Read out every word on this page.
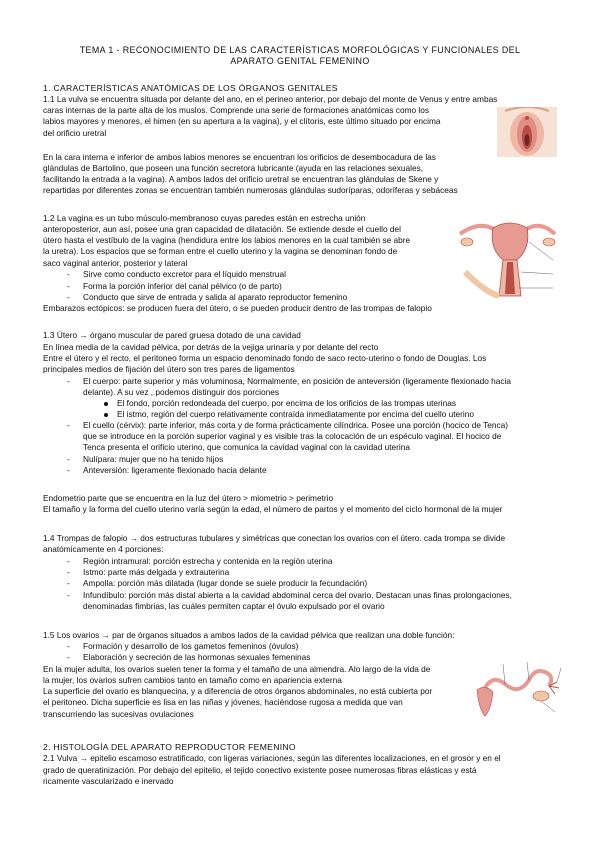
TEMA 1 - RECONOCIMIENTO DE LAS CARACTERÍSTICAS MORFOLÓGICAS Y FUNCIONALES DEL
APARATO GENITAL FEMENINO
1. CARACTERÍSTICAS ANATÓMICAS DE LOS ÓRGANOS GENITALES
1.1 La vulva se encuentra situada por delante del ano, en el perineo anterior, por debajo del monte de Venus y entre ambas
caras internas de la parte alta de los muslos. Comprende una serie de formaciones anatómicas como los
labios mayores y menores, el himen (en su apertura a la vagina), y el clítoris, este último situado por encima
del orificio uretral
En la cara interna e inferior de ambos labios menores se encuentran los orificios de desembocadura de las
glándulas de Bartolino, que poseen una función secretora lubricante (ayuda en las relaciones sexuales,
facilitando la entrada a la vagina). A ambos lados del orificio uretral se encuentran las glándulas de Skene y
repartidas por diferentes zonas se encuentran también numerosas glándulas sudoríparas, odoríferas y sebáceas
1.2 La vagina es un tubo músculo-membranoso cuyas paredes están en estrecha unión
anteroposterior, aun así, posee una gran capacidad de dilatación. Se extiende desde el cuello del
útero hasta el vestíbulo de la vagina (hendidura entre los labios menores en la cual también se abre
la uretra). Los espacios que se forman entre el cuello uterino y la vagina se denominan fondo de
saco vaginal anterior, posterior y lateral
- Sirve como conducto excretor para el líquido menstrual
- Forma la porción inferior del canal pélvico (o de parto)
- Conducto que sirve de entrada y salida al aparato reproductor femenino
Embarazos ectópicos: se producen fuera del útero, o se pueden producir dentro de las trompas de falopio
1.3 Útero → órgano muscular de pared gruesa dotado de una cavidad
En línea media de la cavidad pélvica, por detrás de la vejiga urinaria y por delante del recto
Entre el útero y el recto, el peritoneo forma un espacio denominado fondo de saco recto-uterino o fondo de Douglas. Los
principales medios de fijación del útero son tres pares de ligamentos
- El cuerpo: parte superior y más voluminosa, Normalmente, en posición de anteversión (ligeramente flexionado hacia
delante). A su vez , podemos distinguir dos porciones
El fondo, porción redondeada del cuerpo, por encima de los orificios de las trompas uterinas
El istmo, región del cuerpo relativamente contraída inmediatamente por encima del cuello uterino
- El cuello (cérvix): parte inferior, más corta y de forma prácticamente cilíndrica. Posee una porción (hocico de Tenca)
que se introduce en la porción superior vaginal y es visible tras la colocación de un espéculo vaginal. El hocico de
Tenca presenta el orificio uterino, que comunica la cavidad vaginal con la cavidad uterina
- Nulípara: mujer que no ha tenido hijos
- Anteversión: ligeramente flexionado hacia delante
Endometrio parte que se encuentra en la luz del útero > miometrio > perimetrio
El tamaño y la forma del cuello uterino varía según la edad, el número de partos y el momento del ciclo hormonal de la mujer
1.4 Trompas de falopio → dos estructuras tubulares y simétricas que conectan los ovarios con el útero. cada trompa se divide
anatómicamente en 4 porciones:
- Región intramural: porción estrecha y contenida en la región uterina
- Istmo: parte más delgada y extrauterina
- Ampolla: porción más dilatada (lugar donde se suele producir la fecundación)
- Infundíbulo: porción más distal abierta a la cavidad abdominal cerca del ovario. Destacan unas finas prolongaciones,
denominadas fimbrias, las cuáles permiten captar el óvulo expulsado por el ovario
1.5 Los ovarios → par de órganos situados a ambos lados de la cavidad pélvica que realizan una doble función:
- Formación y desarrollo de los gametos femeninos (óvulos)
- Elaboración y secreción de las hormonas sexuales femeninas
En la mujer adulta, los ovarios suelen tener la forma y el tamaño de una almendra. Alo largo de la vida de
la mujer, los ovarios sufren cambios tanto en tamaño como en apariencia externa
La superficie del ovario es blanquecina, y a diferencia de otros órganos abdominales, no está cubierta por
el peritoneo. Dicha superficie es lisa en las niñas y jóvenes, haciéndose rugosa a medida que van
transcurriendo las sucesivas ovulaciones
2. HISTOLOGÍA DEL APARATO REPRODUCTOR FEMENINO
2.1 Vulva → epitelio escamoso estratificado, con ligeras variaciones, según las diferentes localizaciones, en el grosor y en el
grado de queratinización. Por debajo del epitelio, el tejido conectivo existente posee numerosas fibras elásticas y está
ricamente vascularizado e inervado
